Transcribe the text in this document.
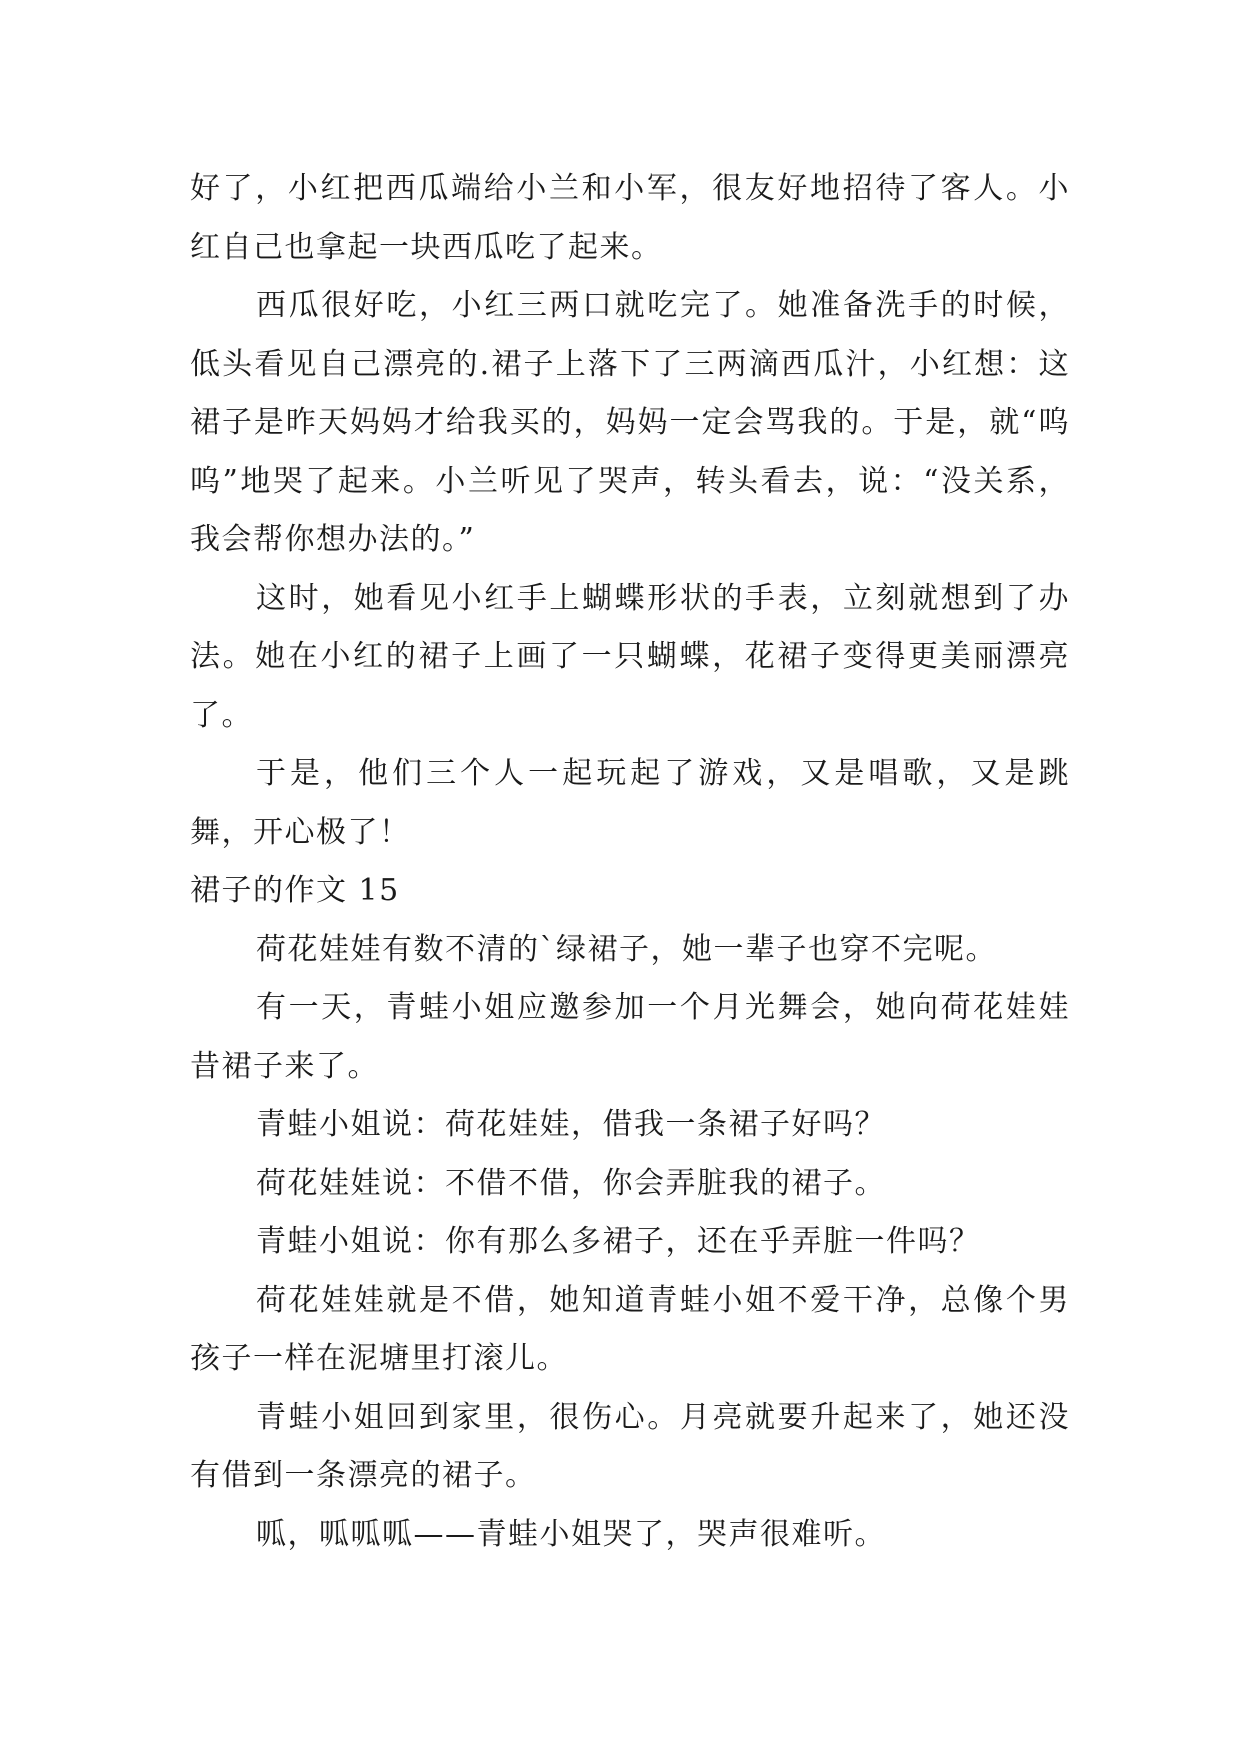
好了，小红把西瓜端给小兰和小军，很友好地招待了客人。小红自己也拿起一块西瓜吃了起来。

西瓜很好吃，小红三两口就吃完了。她准备洗手的时候，低头看见自己漂亮的.裙子上落下了三两滴西瓜汁，小红想：这裙子是昨天妈妈才给我买的，妈妈一定会骂我的。于是，就“呜呜”地哭了起来。小兰听见了哭声，转头看去，说：“没关系，我会帮你想办法的。”

这时，她看见小红手上蝴蝶形状的手表，立刻就想到了办法。她在小红的裙子上画了一只蝴蝶，花裙子变得更美丽漂亮了。

于是，他们三个人一起玩起了游戏，又是唱歌，又是跳舞，开心极了！

裙子的作文 15

荷花娃娃有数不清的`绿裙子，她一辈子也穿不完呢。

有一天，青蛙小姐应邀参加一个月光舞会，她向荷花娃娃昔裙子来了。

青蛙小姐说：荷花娃娃，借我一条裙子好吗？

荷花娃娃说：不借不借，你会弄脏我的裙子。

青蛙小姐说：你有那么多裙子，还在乎弄脏一件吗？

荷花娃娃就是不借，她知道青蛙小姐不爱干净，总像个男孩子一样在泥塘里打滚儿。

青蛙小姐回到家里，很伤心。月亮就要升起来了，她还没有借到一条漂亮的裙子。

呱，呱呱呱——青蛙小姐哭了，哭声很难听。
